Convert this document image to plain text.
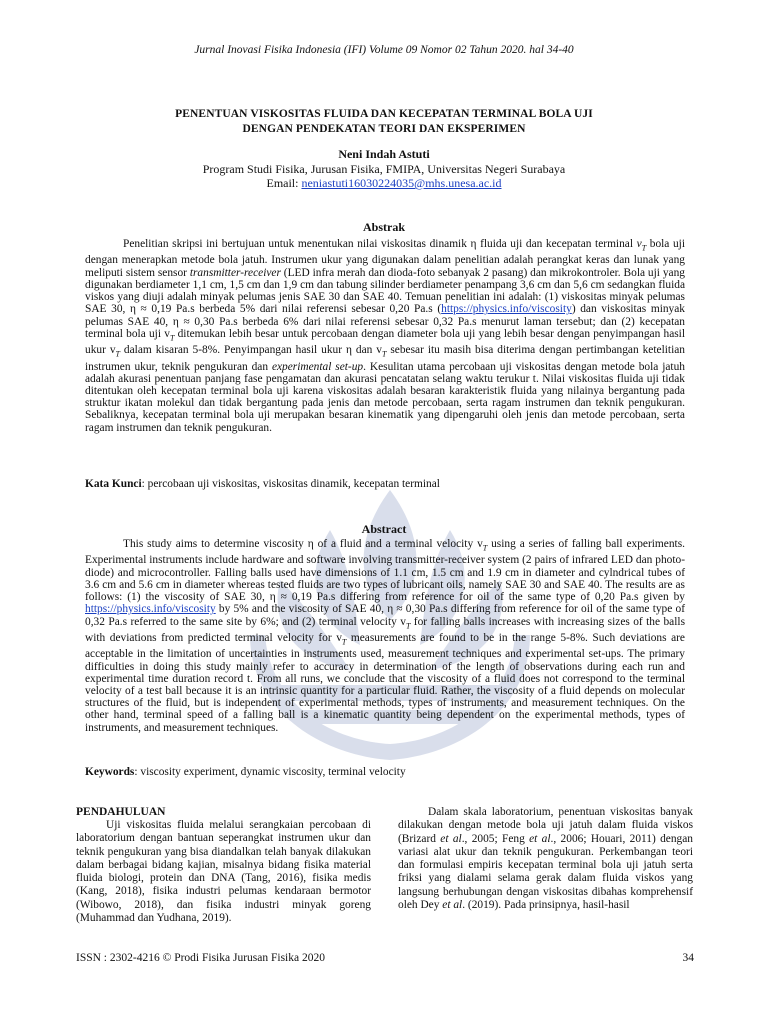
Jurnal Inovasi Fisika Indonesia (IFI) Volume 09 Nomor 02 Tahun 2020. hal 34-40
PENENTUAN VISKOSITAS FLUIDA DAN KECEPATAN TERMINAL BOLA UJI
DENGAN PENDEKATAN TEORI DAN EKSPERIMEN
Neni Indah Astuti
Program Studi Fisika, Jurusan Fisika, FMIPA, Universitas Negeri Surabaya
Email: neniastuti16030224035@mhs.unesa.ac.id
Abstrak

Penelitian skripsi ini bertujuan untuk menentukan nilai viskositas dinamik η fluida uji dan kecepatan terminal $v_T$ bola uji dengan menerapkan metode bola jatuh. Instrumen ukur yang digunakan dalam penelitian adalah perangkat keras dan lunak yang meliputi sistem sensor transmitter-receiver (LED infra merah dan dioda-foto sebanyak 2 pasang) dan mikrokontroler. Bola uji yang digunakan berdiameter 1,1 cm, 1,5 cm dan 1,9 cm dan tabung silinder berdiameter penampang 3,6 cm dan 5,6 cm sedangkan fluida viskos yang diuji adalah minyak pelumas jenis SAE 30 dan SAE 40. Temuan penelitian ini adalah: (1) viskositas minyak pelumas SAE 30, η ≈ 0,19 Pa.s berbeda 5% dari nilai referensi sebesar 0,20 Pa.s (https://physics.info/viscosity) dan viskositas minyak pelumas SAE 40, η ≈ 0,30 Pa.s berbeda 6% dari nilai referensi sebesar 0,32 Pa.s menurut laman tersebut; dan (2) kecepatan terminal bola uji $v_T$ ditemukan lebih besar untuk percobaan dengan diameter bola uji yang lebih besar dengan penyimpangan hasil ukur $v_T$ dalam kisaran 5-8%. Penyimpangan hasil ukur η dan $v_T$ sebesar itu masih bisa diterima dengan pertimbangan ketelitian instrumen ukur, teknik pengukuran dan experimental set-up. Kesulitan utama percobaan uji viskositas dengan metode bola jatuh adalah akurasi penentuan panjang fase pengamatan dan akurasi pencatatan selang waktu terukur t. Nilai viskositas fluida uji tidak ditentukan oleh kecepatan terminal bola uji karena viskositas adalah besaran karakteristik fluida yang nilainya bergantung pada struktur ikatan molekul dan tidak bergantung pada jenis dan metode percobaan, serta ragam instrumen dan teknik pengukuran. Sebaliknya, kecepatan terminal bola uji merupakan besaran kinematik yang dipengaruhi oleh jenis dan metode percobaan, serta ragam instrumen dan teknik pengukuran.

Kata Kunci: percobaan uji viskositas, viskositas dinamik, kecepatan terminal
Abstract

This study aims to determine viscosity η of a fluid and a terminal velocity $v_T$ using a series of falling ball experiments. Experimental instruments include hardware and software involving transmitter-receiver system (2 pairs of infrared LED dan photo-diode) and microcontroller. Falling balls used have dimensions of 1.1 cm, 1.5 cm and 1.9 cm in diameter and cylndrical tubes of 3.6 cm and 5.6 cm in diameter whereas tested fluids are two types of lubricant oils, namely SAE 30 and SAE 40. The results are as follows: (1) the viscosity of SAE 30, η ≈ 0,19 Pa.s differing from reference for oil of the same type of 0,20 Pa.s given by https://physics.info/viscosity by 5% and the viscosity of SAE 40, η ≈ 0,30 Pa.s differing from reference for oil of the same type of 0,32 Pa.s referred to the same site by 6%; and (2) terminal velocity $v_T$ for falling balls increases with increasing sizes of the balls with deviations from predicted terminal velocity for $v_T$ measurements are found to be in the range 5-8%. Such deviations are acceptable in the limitation of uncertainties in instruments used, measurement techniques and experimental set-ups. The primary difficulties in doing this study mainly refer to accuracy in determination of the length of observations during each run and experimental time duration record t. From all runs, we conclude that the viscosity of a fluid does not correspond to the terminal velocity of a test ball because it is an intrinsic quantity for a particular fluid. Rather, the viscosity of a fluid depends on molecular structures of the fluid, but is independent of experimental methods, types of instruments, and measurement techniques. On the other hand, terminal speed of a falling ball is a kinematic quantity being dependent on the experimental methods, types of instruments, and measurement techniques.

Keywords: viscosity experiment, dynamic viscosity, terminal velocity
PENDAHULUAN

Uji viskositas fluida melalui serangkaian percobaan di laboratorium dengan bantuan seperangkat instrumen ukur dan teknik pengukuran yang bisa diandalkan telah banyak dilakukan dalam berbagai bidang kajian, misalnya bidang fisika material fluida biologi, protein dan DNA (Tang, 2016), fisika medis (Kang, 2018), fisika industri pelumas kendaraan bermotor (Wibowo, 2018), dan fisika industri minyak goreng (Muhammad dan Yudhana, 2019).

Dalam skala laboratorium, penentuan viskositas banyak dilakukan dengan metode bola uji jatuh dalam fluida viskos (Brizard et al., 2005; Feng et al., 2006; Houari, 2011) dengan variasi alat ukur dan teknik pengukuran. Perkembangan teori dan formulasi empiris kecepatan terminal bola uji jatuh serta friksi yang dialami selama gerak dalam fluida viskos yang langsung berhubungan dengan viskositas dibahas komprehensif oleh Dey et al. (2019). Pada prinsipnya, hasil-hasil

ISSN : 2302-4216 © Prodi Fisika Jurusan Fisika 2020	34
